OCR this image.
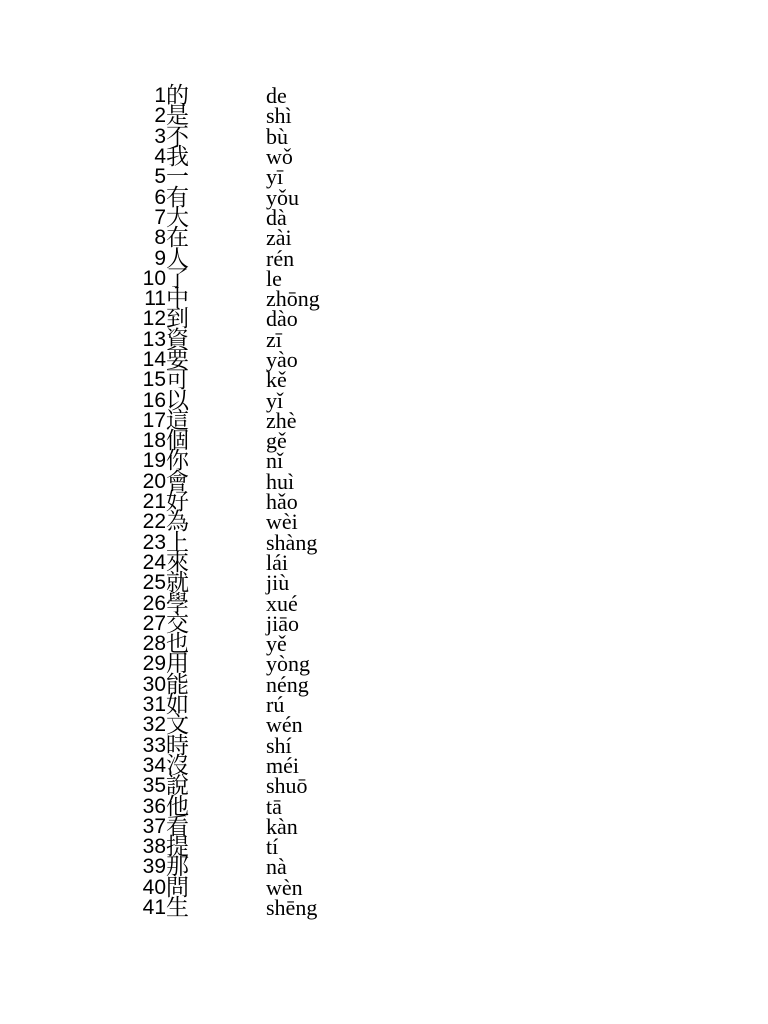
1	的	de
2	是	shì
3	不	bù
4	我	wǒ
5	一	yī
6	有	yǒu
7	大	dà
8	在	zài
9	人	rén
10	了	le
11	中	zhōng
12	到	dào
13	資	zī
14	要	yào
15	可	kě
16	以	yǐ
17	這	zhè
18	個	gě
19	你	nǐ
20	會	huì
21	好	hǎo
22	為	wèi
23	上	shàng
24	來	lái
25	就	jiù
26	學	xué
27	交	jiāo
28	也	yě
29	用	yòng
30	能	néng
31	如	rú
32	文	wén
33	時	shí
34	沒	méi
35	說	shuō
36	他	tā
37	看	kàn
38	提	tí
39	那	nà
40	問	wèn
41	生	shēng
